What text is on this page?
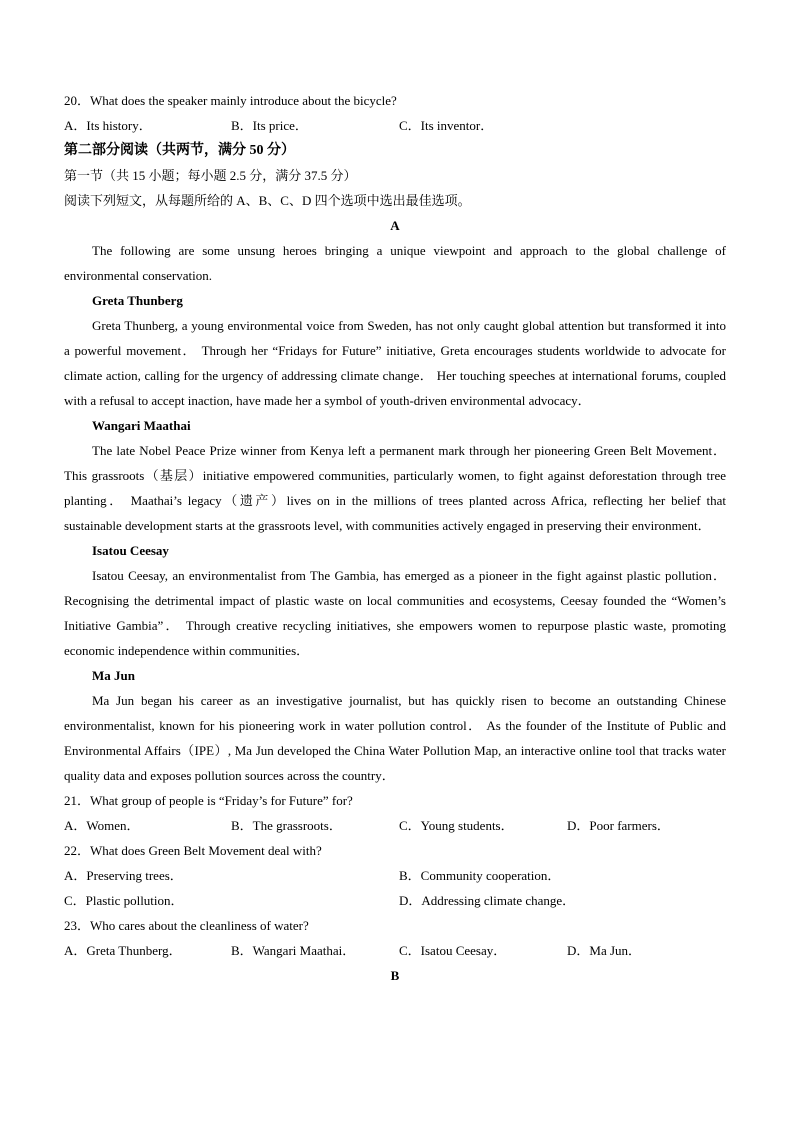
20．What does the speaker mainly introduce about the bicycle?
A．Its history．	B．Its price．	C．Its inventor．
第二部分阅读（共两节，满分 50 分）
第一节（共 15 小题；每小题 2.5 分，满分 37.5 分）
阅读下列短文，从每题所给的 A、B、C、D 四个选项中选出最佳选项。
A

The following are some unsung heroes bringing a unique viewpoint and approach to the global challenge of environmental conservation.

Greta Thunberg

Greta Thunberg, a young environmental voice from Sweden, has not only caught global attention but transformed it into a powerful movement． Through her “Fridays for Future” initiative, Greta encourages students worldwide to advocate for climate action, calling for the urgency of addressing climate change． Her touching speeches at international forums, coupled with a refusal to accept inaction, have made her a symbol of youth-driven environmental advocacy．

Wangari Maathai

The late Nobel Peace Prize winner from Kenya left a permanent mark through her pioneering Green Belt Movement． This grassroots（基层）initiative empowered communities, particularly women, to fight against deforestation through tree planting． Maathai’s legacy（遗产）lives on in the millions of trees planted across Africa, reflecting her belief that sustainable development starts at the grassroots level, with communities actively engaged in preserving their environment．

Isatou Ceesay

Isatou Ceesay, an environmentalist from The Gambia, has emerged as a pioneer in the fight against plastic pollution． Recognising the detrimental impact of plastic waste on local communities and ecosystems, Ceesay founded the “Women’s Initiative Gambia”． Through creative recycling initiatives, she empowers women to repurpose plastic waste, promoting economic independence within communities．

Ma Jun

Ma Jun began his career as an investigative journalist, but has quickly risen to become an outstanding Chinese environmentalist, known for his pioneering work in water pollution control． As the founder of the Institute of Public and Environmental Affairs（IPE）, Ma Jun developed the China Water Pollution Map, an interactive online tool that tracks water quality data and exposes pollution sources across the country．

21．What group of people is “Friday’s for Future” for?
A．Women．	B．The grassroots．	C．Young students．	D．Poor farmers．
22．What does Green Belt Movement deal with?
A．Preserving trees．	B．Community cooperation．
C．Plastic pollution．	D．Addressing climate change．
23．Who cares about the cleanliness of water?
A．Greta Thunberg．	B．Wangari Maathai．	C．Isatou Ceesay．	D．Ma Jun．
B
